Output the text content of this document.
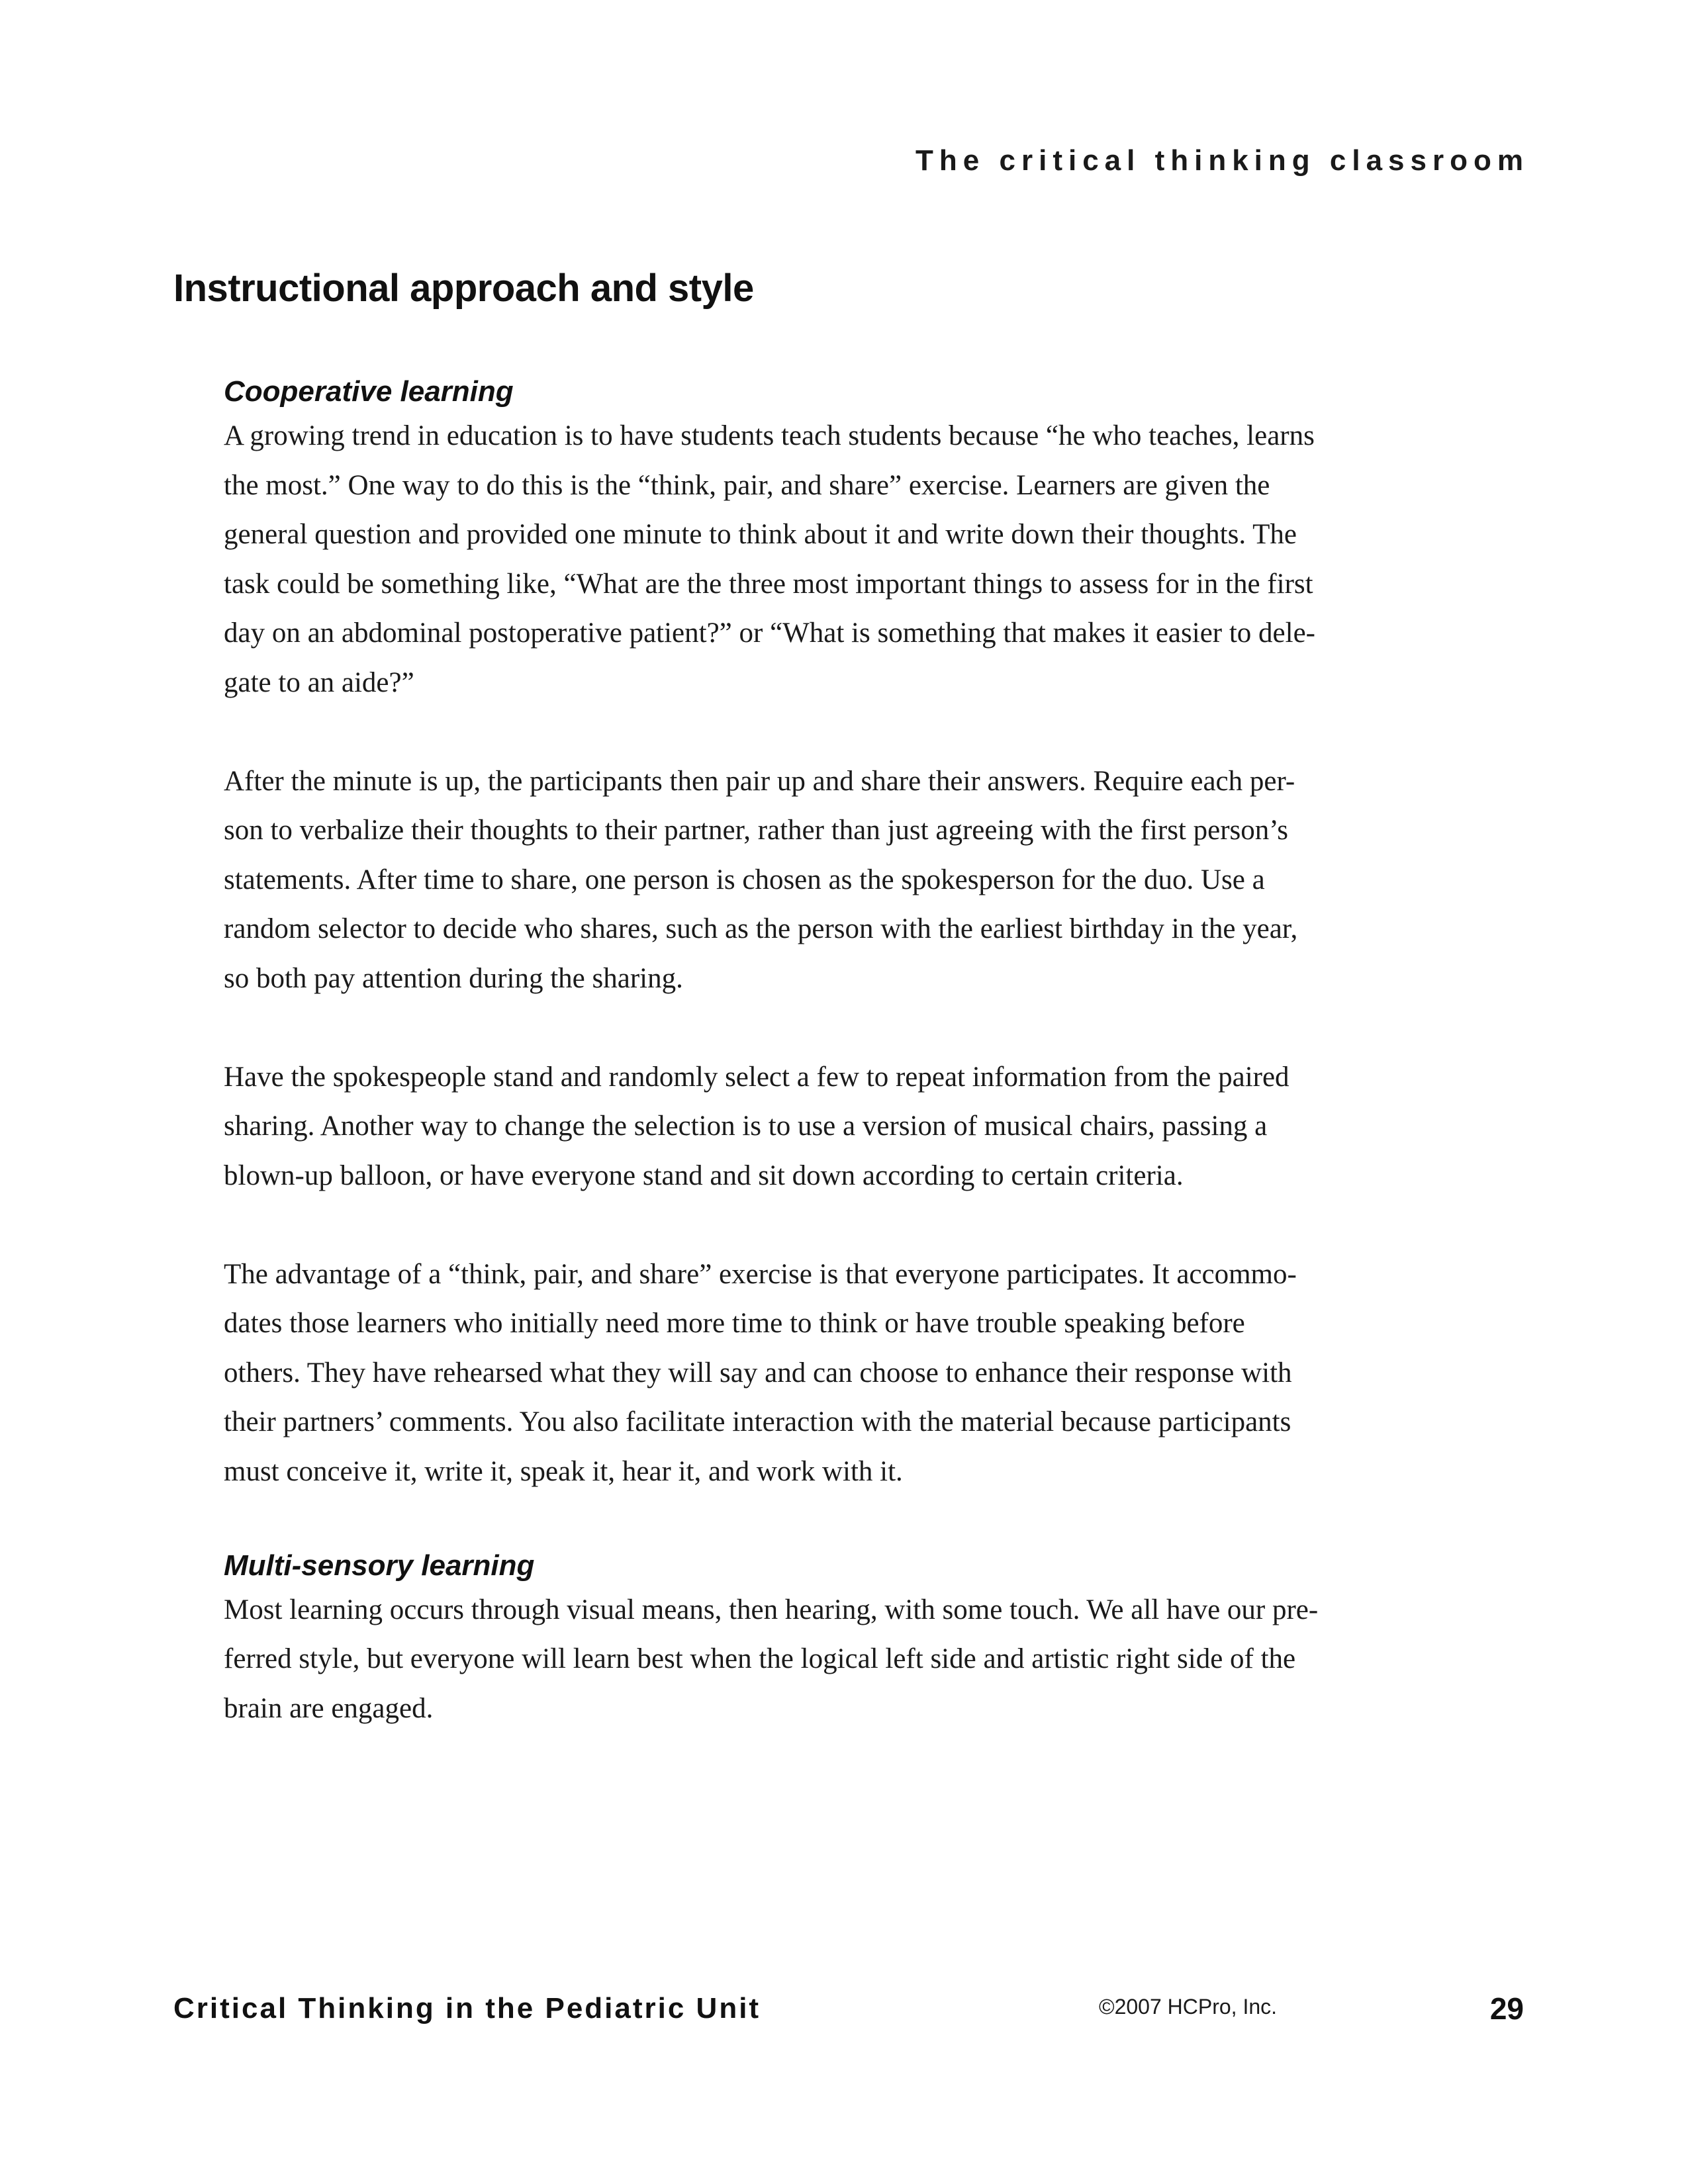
The critical thinking classroom
Instructional approach and style
Cooperative learning

A growing trend in education is to have students teach students because “he who teaches, learns
the most.” One way to do this is the “think, pair, and share” exercise. Learners are given the
general question and provided one minute to think about it and write down their thoughts. The
task could be something like, “What are the three most important things to assess for in the first
day on an abdominal postoperative patient?” or “What is something that makes it easier to dele-
gate to an aide?”

After the minute is up, the participants then pair up and share their answers. Require each per-
son to verbalize their thoughts to their partner, rather than just agreeing with the first person’s
statements. After time to share, one person is chosen as the spokesperson for the duo. Use a
random selector to decide who shares, such as the person with the earliest birthday in the year,
so both pay attention during the sharing.

Have the spokespeople stand and randomly select a few to repeat information from the paired
sharing. Another way to change the selection is to use a version of musical chairs, passing a
blown-up balloon, or have everyone stand and sit down according to certain criteria.

The advantage of a “think, pair, and share” exercise is that everyone participates. It accommo-
dates those learners who initially need more time to think or have trouble speaking before
others. They have rehearsed what they will say and can choose to enhance their response with
their partners’ comments. You also facilitate interaction with the material because participants
must conceive it, write it, speak it, hear it, and work with it.

Multi-sensory learning

Most learning occurs through visual means, then hearing, with some touch. We all have our pre-
ferred style, but everyone will learn best when the logical left side and artistic right side of the
brain are engaged.

Critical Thinking in the Pediatric Unit	©2007 HCPro, Inc.	29
